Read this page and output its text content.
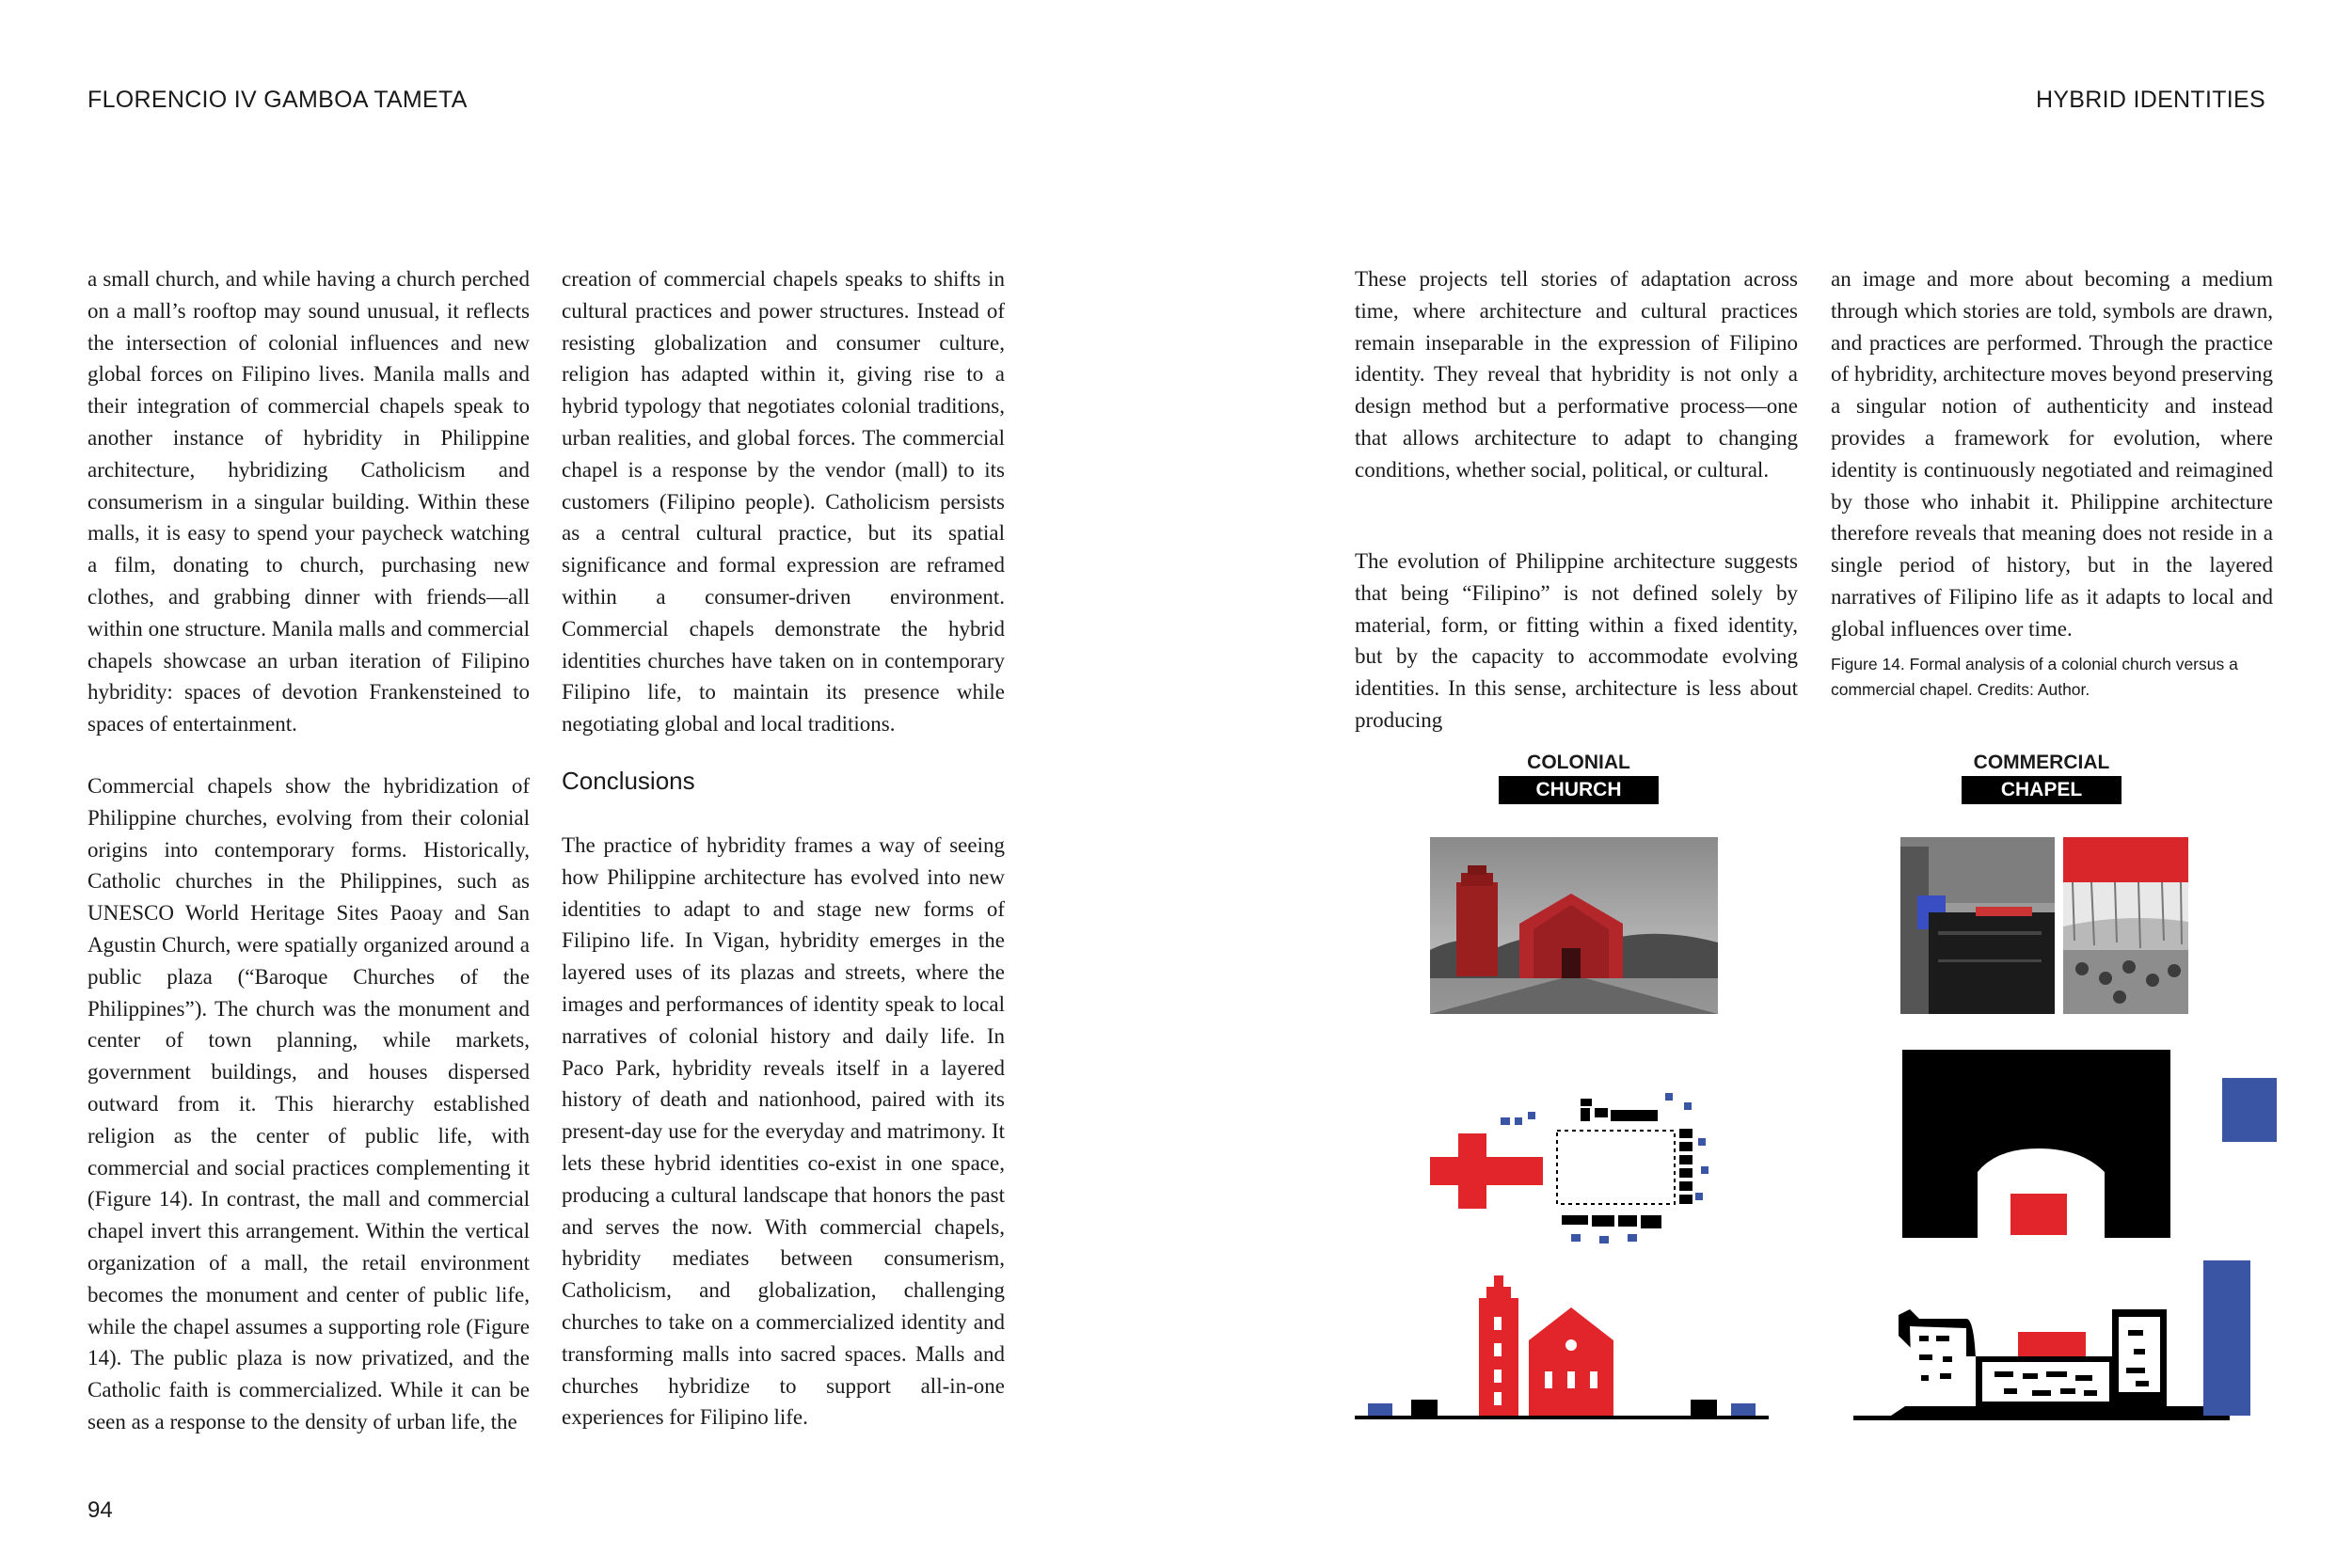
FLORENCIO IV GAMBOA TAMETA	HYBRID IDENTITIES

a small church, and while having a church perched on a mall’s rooftop may sound unusual, it reflects the intersection of colonial influences and new global forces on Filipino lives. Manila malls and their integration of commercial chapels speak to another instance of hybridity in Philippine architecture, hybridizing Catholicism and consumerism in a singular building. Within these malls, it is easy to spend your paycheck watching a film, donating to church, purchasing new clothes, and grabbing dinner with friends—all within one structure. Manila malls and commercial chapels showcase an urban iteration of Filipino hybridity: spaces of devotion Frankensteined to spaces of entertainment.

Commercial chapels show the hybridization of Philippine churches, evolving from their colonial origins into contemporary forms. Historically, Catholic churches in the Philippines, such as UNESCO World Heritage Sites Paoay and San Agustin Church, were spatially organized around a public plaza (“Baroque Churches of the Philippines”). The church was the monument and center of town planning, while markets, government buildings, and houses dispersed outward from it. This hierarchy established religion as the center of public life, with commercial and social practices complementing it (Figure 14). In contrast, the mall and commercial chapel invert this arrangement. Within the vertical organization of a mall, the retail environment becomes the monument and center of public life, while the chapel assumes a supporting role (Figure 14). The public plaza is now privatized, and the Catholic faith is commercialized. While it can be seen as a response to the density of urban life, the

creation of commercial chapels speaks to shifts in cultural practices and power structures. Instead of resisting globalization and consumer culture, religion has adapted within it, giving rise to a hybrid typology that negotiates colonial traditions, urban realities, and global forces. The commercial chapel is a response by the vendor (mall) to its customers (Filipino people). Catholicism persists as a central cultural practice, but its spatial significance and formal expression are reframed within a consumer-driven environment. Commercial chapels demonstrate the hybrid identities churches have taken on in contemporary Filipino life, to maintain its presence while negotiating global and local traditions.

Conclusions

The practice of hybridity frames a way of seeing how Philippine architecture has evolved into new identities to adapt to and stage new forms of Filipino life. In Vigan, hybridity emerges in the layered uses of its plazas and streets, where the images and performances of identity speak to local narratives of colonial history and daily life. In Paco Park, hybridity reveals itself in a layered history of death and nationhood, paired with its present-day use for the everyday and matrimony. It lets these hybrid identities co-exist in one space, producing a cultural landscape that honors the past and serves the now. With commercial chapels, hybridity mediates between consumerism, Catholicism, and globalization, challenging churches to take on a commercialized identity and transforming malls into sacred spaces. Malls and churches hybridize to support all-in-one experiences for Filipino life.

These projects tell stories of adaptation across time, where architecture and cultural practices remain inseparable in the expression of Filipino identity. They reveal that hybridity is not only a design method but a performative process—one that allows architecture to adapt to changing conditions, whether social, political, or cultural.

The evolution of Philippine architecture suggests that being “Filipino” is not defined solely by material, form, or fitting within a fixed identity, but by the capacity to accommodate evolving identities. In this sense, architecture is less about producing

an image and more about becoming a medium through which stories are told, symbols are drawn, and practices are performed. Through the practice of hybridity, architecture moves beyond preserving a singular notion of authenticity and instead provides a framework for evolution, where identity is continuously negotiated and reimagined by those who inhabit it. Philippine architecture therefore reveals that meaning does not reside in a single period of history, but in the layered narratives of Filipino life as it adapts to local and global influences over time.

Figure 14. Formal analysis of a colonial church versus a commercial chapel. Credits: Author.
COLONIAL
CHURCH
COMMERCIAL
CHAPEL
94
